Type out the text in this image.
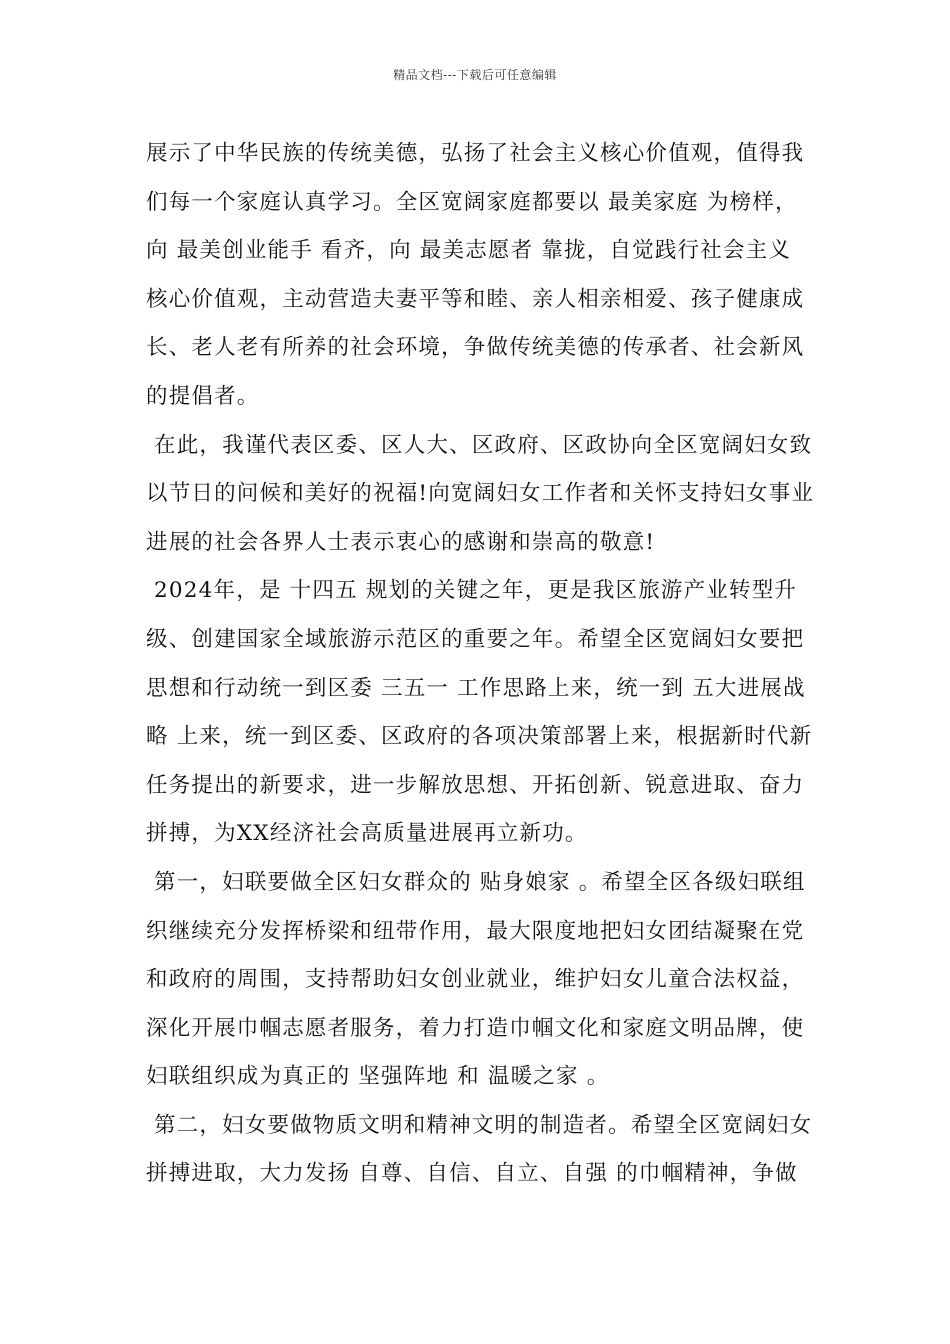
精品文档---下载后可任意编辑
展示了中华民族的传统美德，弘扬了社会主义核心价值观，值得我
们每一个家庭认真学习。全区宽阔家庭都要以 最美家庭 为榜样，
向 最美创业能手 看齐，向 最美志愿者 靠拢，自觉践行社会主义
核心价值观，主动营造夫妻平等和睦、亲人相亲相爱、孩子健康成
长、老人老有所养的社会环境，争做传统美德的传承者、社会新风
的提倡者。
在此，我谨代表区委、区人大、区政府、区政协向全区宽阔妇女致
以节日的问候和美好的祝福!向宽阔妇女工作者和关怀支持妇女事业
进展的社会各界人士表示衷心的感谢和崇高的敬意!
2024年，是 十四五 规划的关键之年，更是我区旅游产业转型升
级、创建国家全域旅游示范区的重要之年。希望全区宽阔妇女要把
思想和行动统一到区委 三五一 工作思路上来，统一到 五大进展战
略 上来，统一到区委、区政府的各项决策部署上来，根据新时代新
任务提出的新要求，进一步解放思想、开拓创新、锐意进取、奋力
拼搏，为XX经济社会高质量进展再立新功。
第一，妇联要做全区妇女群众的 贴身娘家 。希望全区各级妇联组
织继续充分发挥桥梁和纽带作用，最大限度地把妇女团结凝聚在党
和政府的周围，支持帮助妇女创业就业，维护妇女儿童合法权益，
深化开展巾帼志愿者服务，着力打造巾帼文化和家庭文明品牌，使
妇联组织成为真正的 坚强阵地 和 温暖之家 。
第二，妇女要做物质文明和精神文明的制造者。希望全区宽阔妇女
拼搏进取，大力发扬 自尊、自信、自立、自强 的巾帼精神，争做
